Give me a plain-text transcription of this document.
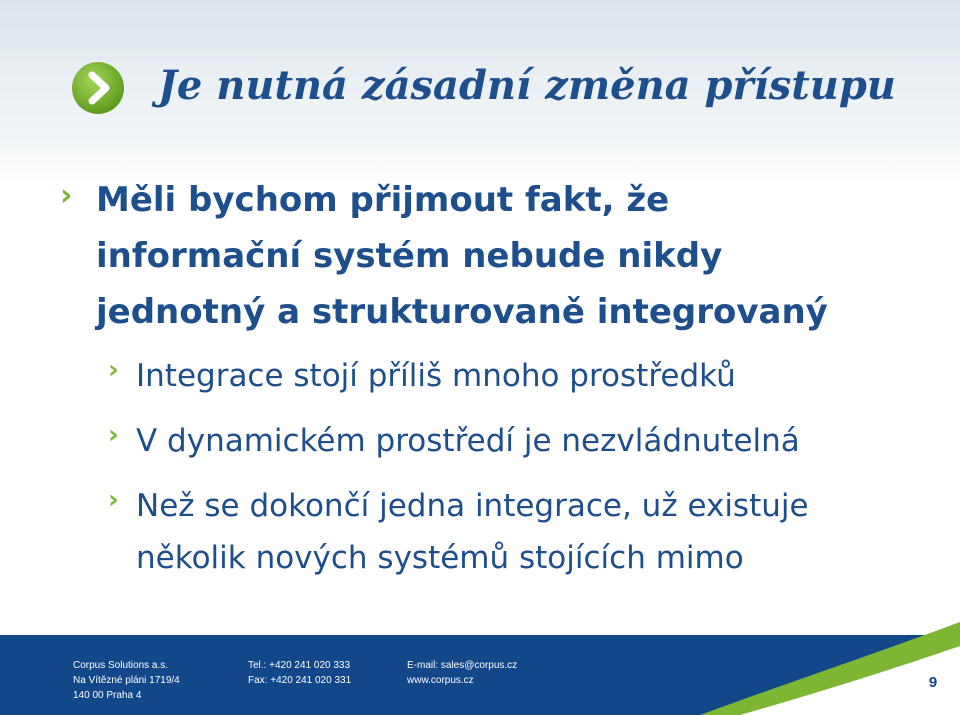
Je nutná zásadní změna přístupu
› Měli bychom přijmout fakt, že
informační systém nebude nikdy
jednotný a strukturovaně integrovaný
› Integrace stojí příliš mnoho prostředků
› V dynamickém prostředí je nezvládnutelná
› Než se dokončí jedna integrace, už existuje
několik nových systémů stojících mimo
Corpus Solutions a.s.
Na Vítězné pláni 1719/4
140 00 Praha 4
Tel.: +420 241 020 333
Fax: +420 241 020 331
E-mail: sales@corpus.cz
www.corpus.cz	9
